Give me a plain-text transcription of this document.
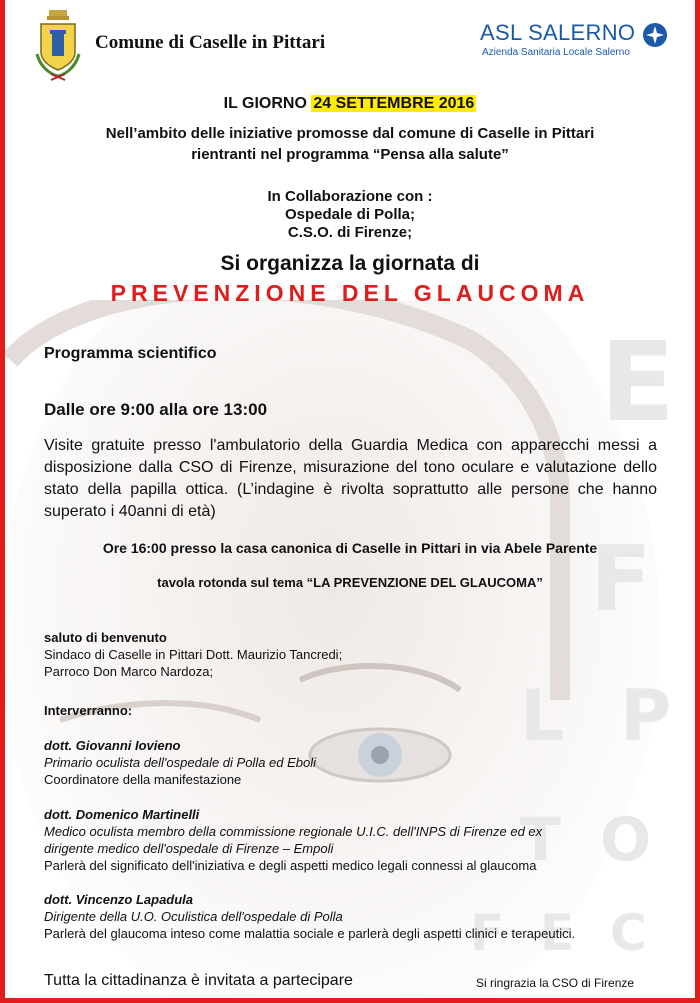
E
F
L P
T O
F E C
Comune di Caselle in Pittari	ASL SALERNO
Azienda Sanitaria Locale Salerno
IL GIORNO 24 SETTEMBRE 2016
Nell’ambito delle iniziative promosse dal comune di Caselle in Pittari
rientranti nel programma “Pensa alla salute”
In Collaborazione con :
Ospedale di Polla;
C.S.O. di Firenze;
Si organizza la giornata di
PREVENZIONE DEL GLAUCOMA
Programma scientifico
Dalle ore 9:00 alla ore 13:00
Visite gratuite presso l'ambulatorio della Guardia Medica con apparecchi messi a disposizione dalla CSO di Firenze, misurazione del tono oculare e valutazione dello stato della papilla ottica. (L’indagine è rivolta soprattutto alle persone che hanno superato i 40anni di età)
Ore 16:00 presso la casa canonica di Caselle in Pittari in via Abele Parente
tavola rotonda sul tema “LA PREVENZIONE DEL GLAUCOMA”
saluto di benvenuto
Sindaco di Caselle in Pittari Dott. Maurizio Tancredi;
Parroco Don Marco Nardoza;
Interverranno:
dott. Giovanni Iovieno
Primario oculista dell'ospedale di Polla ed Eboli
Coordinatore della manifestazione
dott. Domenico Martinelli
Medico oculista membro della commissione regionale U.I.C. dell'INPS di Firenze ed ex
dirigente medico dell'ospedale di Firenze – Empoli
Parlerà del significato dell'iniziativa e degli aspetti medico legali connessi al glaucoma
dott. Vincenzo Lapadula
Dirigente della U.O. Oculistica dell'ospedale di Polla
Parlerà del glaucoma inteso come malattia sociale e parlerà degli aspetti clinici e terapeutici.
Tutta la cittadinanza è invitata a partecipare	Si ringrazia la CSO di Firenze
